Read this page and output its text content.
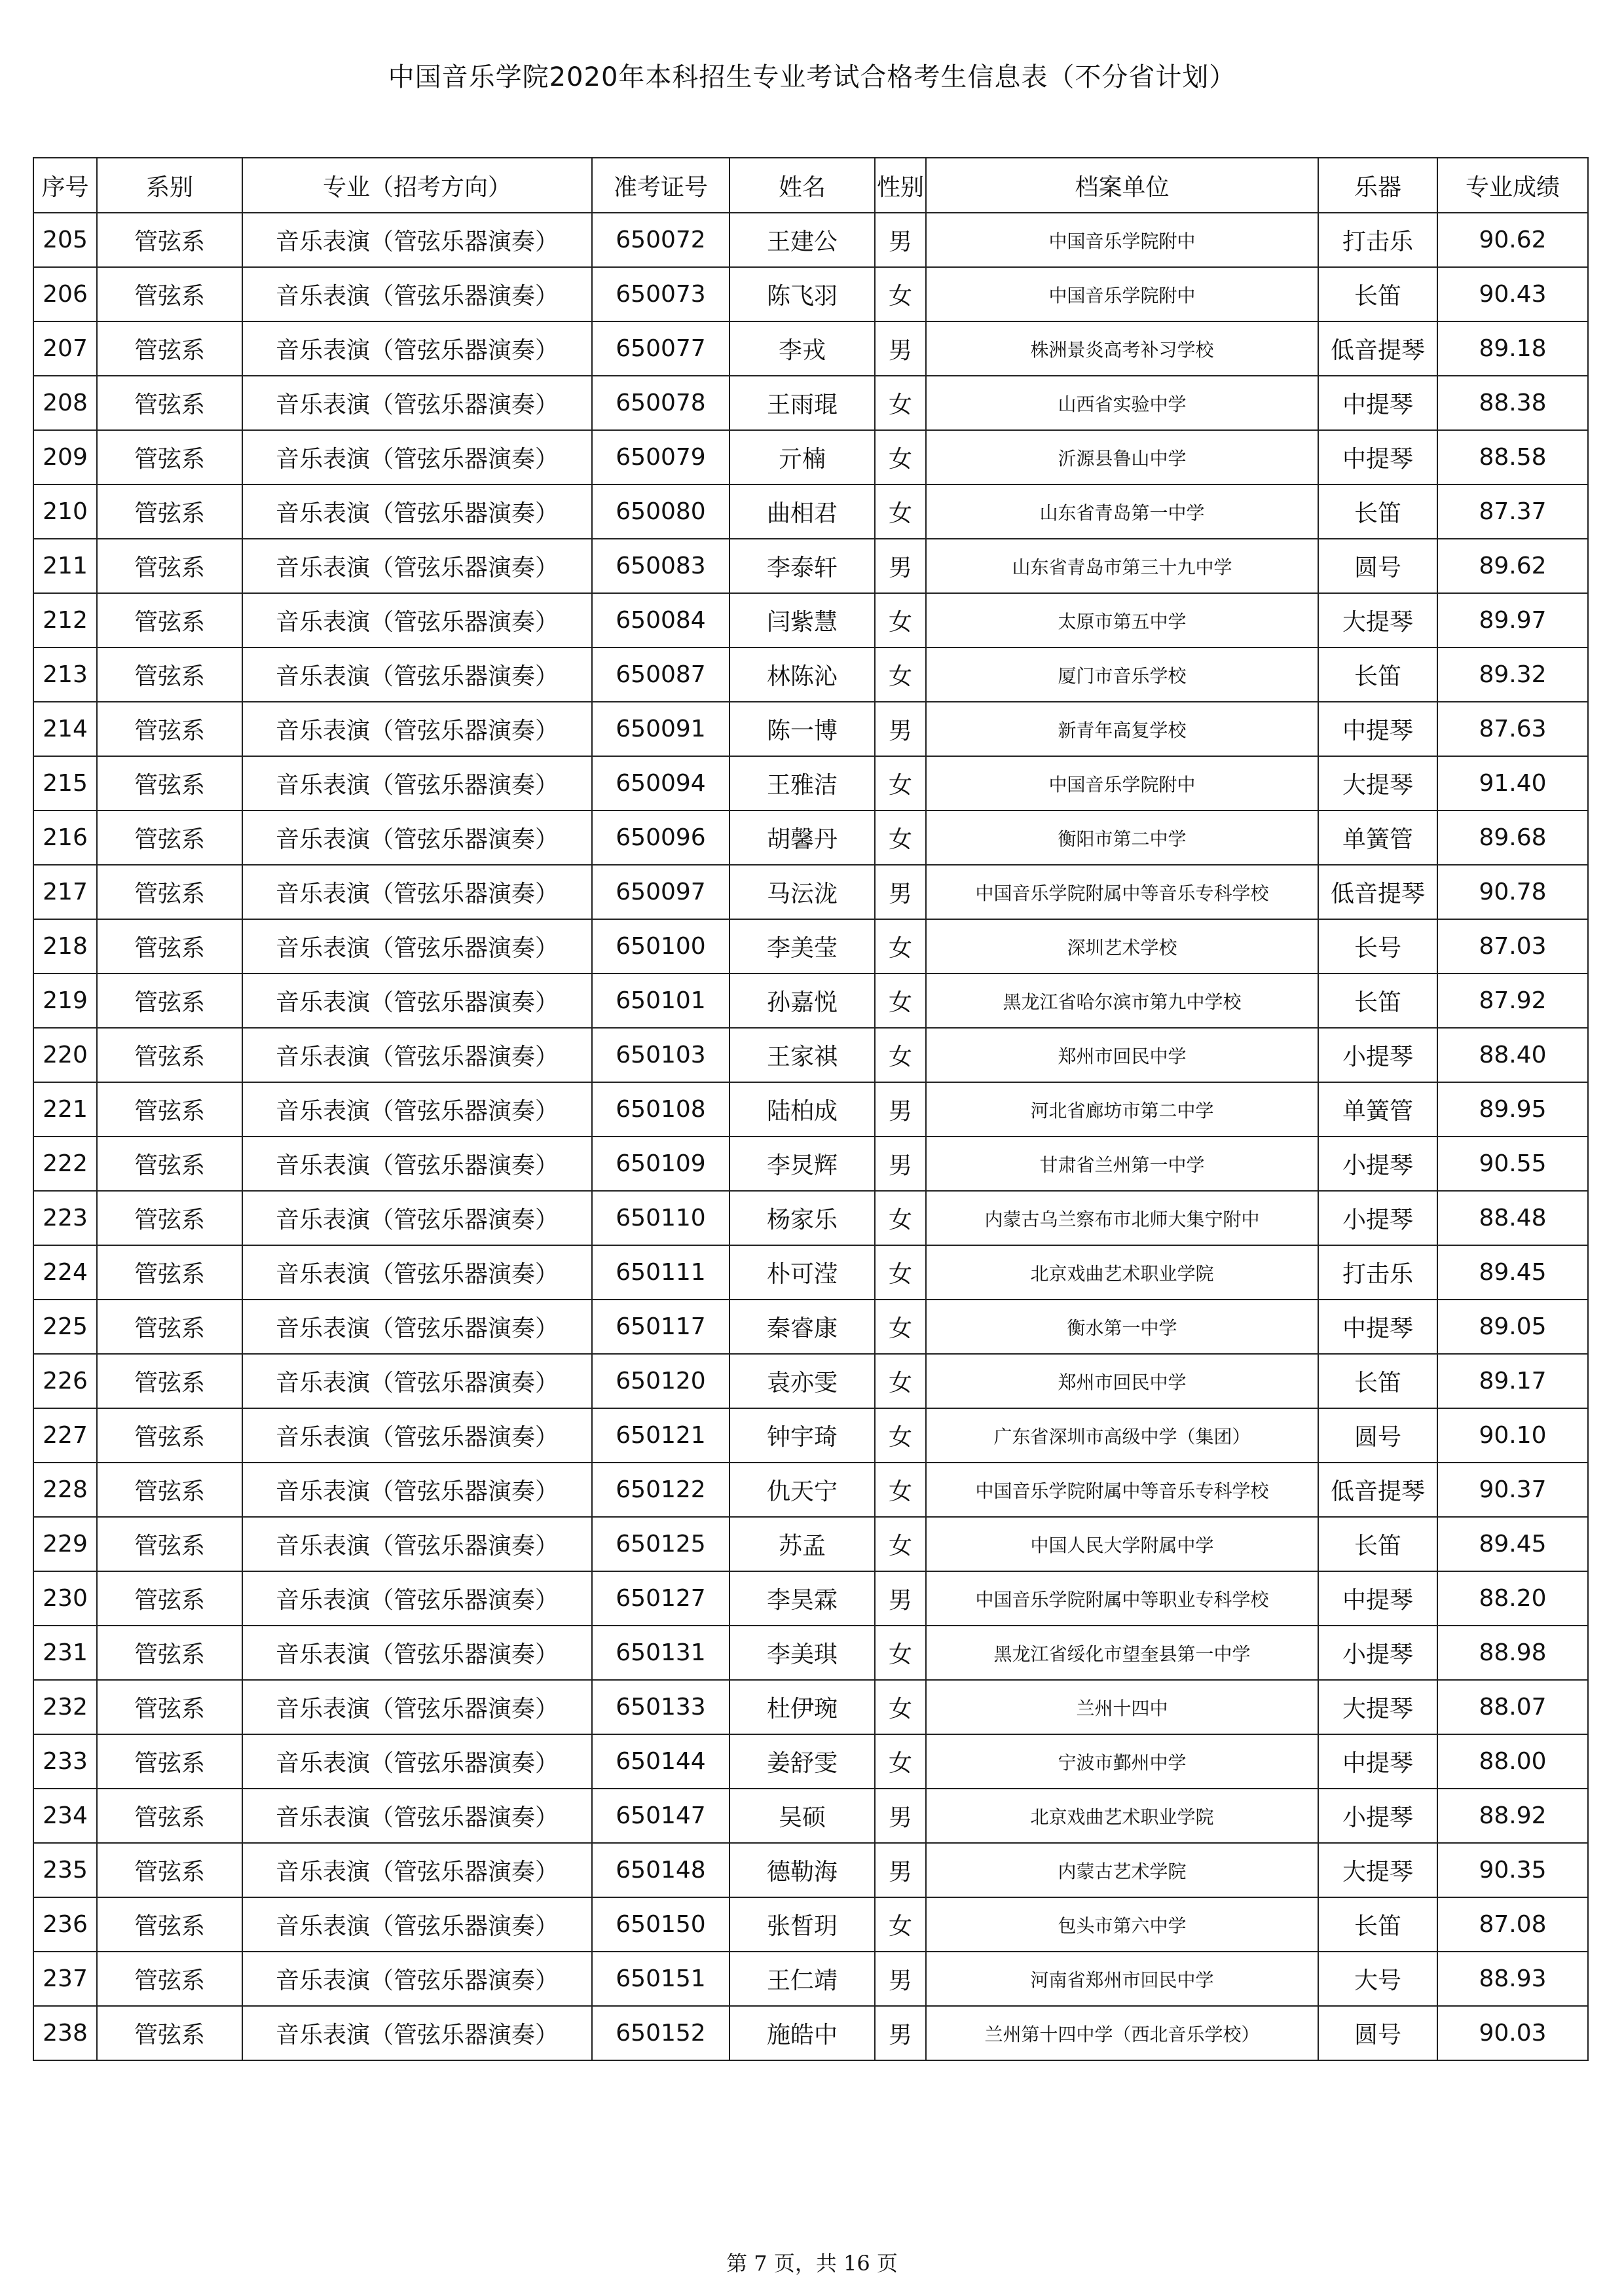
中国音乐学院2020年本科招生专业考试合格考生信息表（不分省计划）
序号	系别	专业（招考方向）	准考证号	姓名	性别	档案单位	乐器	专业成绩
205	管弦系	音乐表演（管弦乐器演奏）	650072	王建公	男	中国音乐学院附中	打击乐	90.62
206	管弦系	音乐表演（管弦乐器演奏）	650073	陈飞羽	女	中国音乐学院附中	长笛	90.43
207	管弦系	音乐表演（管弦乐器演奏）	650077	李戎	男	株洲景炎高考补习学校	低音提琴	89.18
208	管弦系	音乐表演（管弦乐器演奏）	650078	王雨琨	女	山西省实验中学	中提琴	88.38
209	管弦系	音乐表演（管弦乐器演奏）	650079	亓楠	女	沂源县鲁山中学	中提琴	88.58
210	管弦系	音乐表演（管弦乐器演奏）	650080	曲相君	女	山东省青岛第一中学	长笛	87.37
211	管弦系	音乐表演（管弦乐器演奏）	650083	李泰轩	男	山东省青岛市第三十九中学	圆号	89.62
212	管弦系	音乐表演（管弦乐器演奏）	650084	闫紫慧	女	太原市第五中学	大提琴	89.97
213	管弦系	音乐表演（管弦乐器演奏）	650087	林陈沁	女	厦门市音乐学校	长笛	89.32
214	管弦系	音乐表演（管弦乐器演奏）	650091	陈一博	男	新青年高复学校	中提琴	87.63
215	管弦系	音乐表演（管弦乐器演奏）	650094	王雅洁	女	中国音乐学院附中	大提琴	91.40
216	管弦系	音乐表演（管弦乐器演奏）	650096	胡馨丹	女	衡阳市第二中学	单簧管	89.68
217	管弦系	音乐表演（管弦乐器演奏）	650097	马沄泷	男	中国音乐学院附属中等音乐专科学校	低音提琴	90.78
218	管弦系	音乐表演（管弦乐器演奏）	650100	李美莹	女	深圳艺术学校	长号	87.03
219	管弦系	音乐表演（管弦乐器演奏）	650101	孙嘉悦	女	黑龙江省哈尔滨市第九中学校	长笛	87.92
220	管弦系	音乐表演（管弦乐器演奏）	650103	王家祺	女	郑州市回民中学	小提琴	88.40
221	管弦系	音乐表演（管弦乐器演奏）	650108	陆柏成	男	河北省廊坊市第二中学	单簧管	89.95
222	管弦系	音乐表演（管弦乐器演奏）	650109	李炅辉	男	甘肃省兰州第一中学	小提琴	90.55
223	管弦系	音乐表演（管弦乐器演奏）	650110	杨家乐	女	内蒙古乌兰察布市北师大集宁附中	小提琴	88.48
224	管弦系	音乐表演（管弦乐器演奏）	650111	朴可滢	女	北京戏曲艺术职业学院	打击乐	89.45
225	管弦系	音乐表演（管弦乐器演奏）	650117	秦睿康	女	衡水第一中学	中提琴	89.05
226	管弦系	音乐表演（管弦乐器演奏）	650120	袁亦雯	女	郑州市回民中学	长笛	89.17
227	管弦系	音乐表演（管弦乐器演奏）	650121	钟宇琦	女	广东省深圳市高级中学（集团）	圆号	90.10
228	管弦系	音乐表演（管弦乐器演奏）	650122	仇天宁	女	中国音乐学院附属中等音乐专科学校	低音提琴	90.37
229	管弦系	音乐表演（管弦乐器演奏）	650125	苏孟	女	中国人民大学附属中学	长笛	89.45
230	管弦系	音乐表演（管弦乐器演奏）	650127	李昊霖	男	中国音乐学院附属中等职业专科学校	中提琴	88.20
231	管弦系	音乐表演（管弦乐器演奏）	650131	李美琪	女	黑龙江省绥化市望奎县第一中学	小提琴	88.98
232	管弦系	音乐表演（管弦乐器演奏）	650133	杜伊琬	女	兰州十四中	大提琴	88.07
233	管弦系	音乐表演（管弦乐器演奏）	650144	姜舒雯	女	宁波市鄞州中学	中提琴	88.00
234	管弦系	音乐表演（管弦乐器演奏）	650147	吴硕	男	北京戏曲艺术职业学院	小提琴	88.92
235	管弦系	音乐表演（管弦乐器演奏）	650148	德勒海	男	内蒙古艺术学院	大提琴	90.35
236	管弦系	音乐表演（管弦乐器演奏）	650150	张晳玥	女	包头市第六中学	长笛	87.08
237	管弦系	音乐表演（管弦乐器演奏）	650151	王仁靖	男	河南省郑州市回民中学	大号	88.93
238	管弦系	音乐表演（管弦乐器演奏）	650152	施皓中	男	兰州第十四中学（西北音乐学校）	圆号	90.03
第 7 页，共 16 页
